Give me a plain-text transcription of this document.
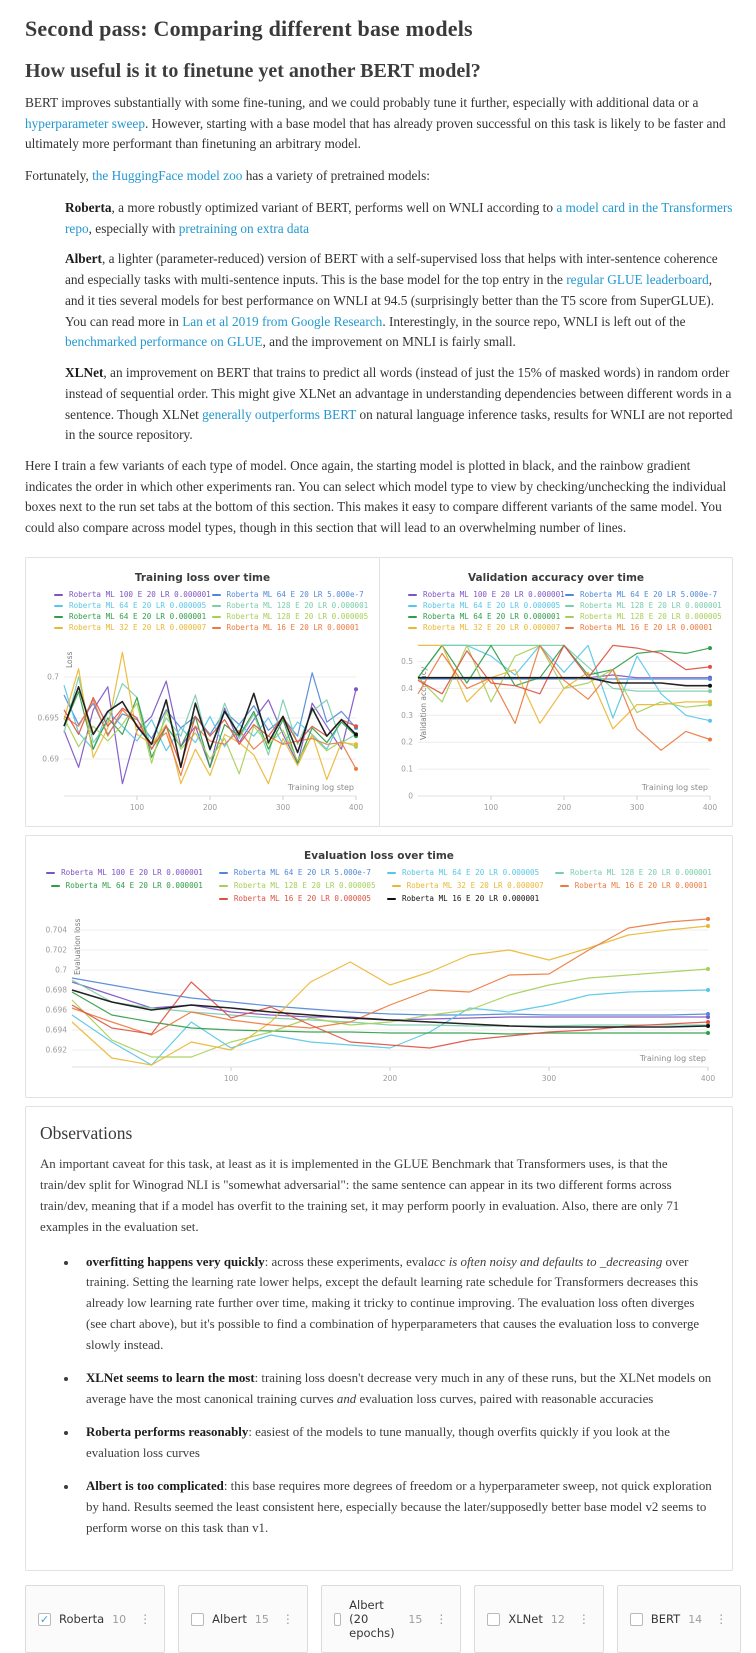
Second pass: Comparing different base models
How useful is it to finetune yet another BERT model?

BERT improves substantially with some fine-tuning, and we could probably tune it further, especially with additional data or a hyperparameter sweep. However, starting with a base model that has already proven successful on this task is likely to be faster and ultimately more performant than finetuning an arbitrary model.

Fortunately, the HuggingFace model zoo has a variety of pretrained models:

Roberta, a more robustly optimized variant of BERT, performs well on WNLI according to a model card in the Transformers repo, especially with pretraining on extra data

Albert, a lighter (parameter-reduced) version of BERT with a self-supervised loss that helps with inter-sentence coherence and especially tasks with multi-sentence inputs. This is the base model for the top entry in the regular GLUE leaderboard, and it ties several models for best performance on WNLI at 94.5 (surprisingly better than the T5 score from SuperGLUE). You can read more in Lan et al 2019 from Google Research. Interestingly, in the source repo, WNLI is left out of the benchmarked performance on GLUE, and the improvement on MNLI is fairly small.

XLNet, an improvement on BERT that trains to predict all words (instead of just the 15% of masked words) in random order instead of sequential order. This might give XLNet an advantage in understanding dependencies between different words in a sentence. Though XLNet generally outperforms BERT on natural language inference tasks, results for WNLI are not reported in the source repository.

Here I train a few variants of each type of model. Once again, the starting model is plotted in black, and the rainbow gradient indicates the order in which other experiments ran. You can select which model type to view by checking/unchecking the individual boxes next to the run set tabs at the bottom of this section. This makes it easy to compare different variants of the same model. You could also compare across model types, though in this section that will lead to an overwhelming number of lines.

Training loss over time
Roberta ML 100 E 20 LR 0.000001	Roberta ML 64 E 20 LR 5.000e-7
Roberta ML 64 E 20 LR 0.000005	Roberta ML 128 E 20 LR 0.000001
Roberta ML 64 E 20 LR 0.000001	Roberta ML 128 E 20 LR 0.000005
Roberta ML 32 E 20 LR 0.000007	Roberta ML 16 E 20 LR 0.00001
0.69
0.695
0.7
100	200	300	400
Loss
Training log step
Validation accuracy over time
Roberta ML 100 E 20 LR 0.000001	Roberta ML 64 E 20 LR 5.000e-7
Roberta ML 64 E 20 LR 0.000005	Roberta ML 128 E 20 LR 0.000001
Roberta ML 64 E 20 LR 0.000001	Roberta ML 128 E 20 LR 0.000005
Roberta ML 32 E 20 LR 0.000007	Roberta ML 16 E 20 LR 0.00001
0
0.1
0.2
0.3
0.4
0.5
100	200	300	400
Validation accuracy
Training log step
Evaluation loss over time
Roberta ML 100 E 20 LR 0.000001	Roberta ML 64 E 20 LR 5.000e-7	Roberta ML 64 E 20 LR 0.000005	Roberta ML 128 E 20 LR 0.000001
Roberta ML 64 E 20 LR 0.000001	Roberta ML 128 E 20 LR 0.000005	Roberta ML 32 E 20 LR 0.000007	Roberta ML 16 E 20 LR 0.00001
Roberta ML 16 E 20 LR 0.000005	Roberta ML 16 E 20 LR 0.000001
0.692
0.694
0.696
0.698
0.7
0.702
0.704
100	200	300	400
Evaluation loss
Training log step
Observations

An important caveat for this task, at least as it is implemented in the GLUE Benchmark that Transformers uses, is that the train/dev split for Winograd NLI is "somewhat adversarial": the same sentence can appear in its two different forms across train/dev, meaning that if a model has overfit to the training set, it may perform poorly in evaluation. Also, there are only 71 examples in the evaluation set.

• overfitting happens very quickly: across these experiments, evalacc is often noisy and defaults to _decreasing over training. Setting the learning rate lower helps, except the default learning rate schedule for Transformers decreases this already low learning rate further over time, making it tricky to continue improving. The evaluation loss often diverges (see chart above), but it's possible to find a combination of hyperparameters that causes the evaluation loss to converge slowly instead.
• XLNet seems to learn the most: training loss doesn't decrease very much in any of these runs, but the XLNet models on average have the most canonical training curves and evaluation loss curves, paired with reasonable accuracies
• Roberta performs reasonably: easiest of the models to tune manually, though overfits quickly if you look at the evaluation loss curves
• Albert is too complicated: this base requires more degrees of freedom or a hyperparameter sweep, not quick exploration by hand. Results seemed the least consistent here, especially because the later/supposedly better base model v2 seems to perform worse on this task than v1.
✓ Roberta 10 ⋮	Albert 15 ⋮
Albert (20 epochs)
15 ⋮	XLNet 12 ⋮	BERT 14 ⋮
